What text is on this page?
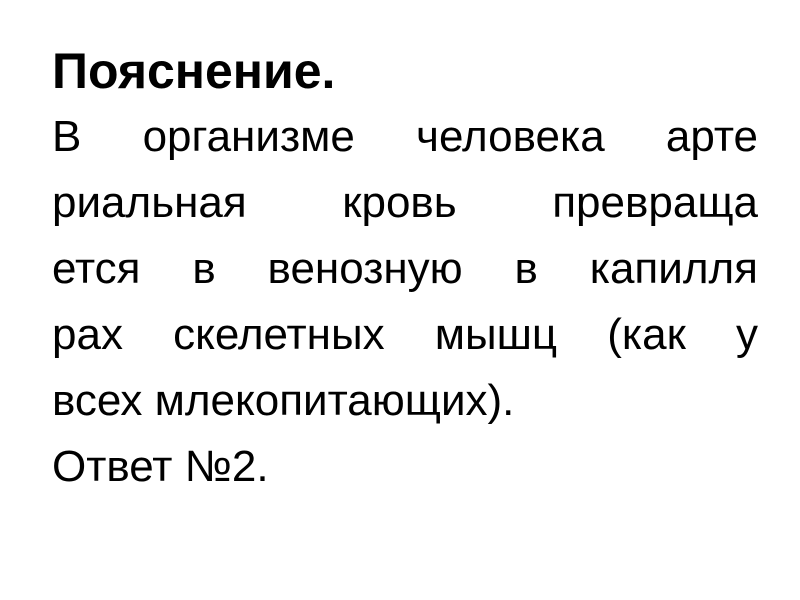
Пояснение.
В организме человека арте
риальная кровь превраща
ется в венозную в капилля
рах скелетных мышц (как у
всех млекопитающих).
Ответ №2.
